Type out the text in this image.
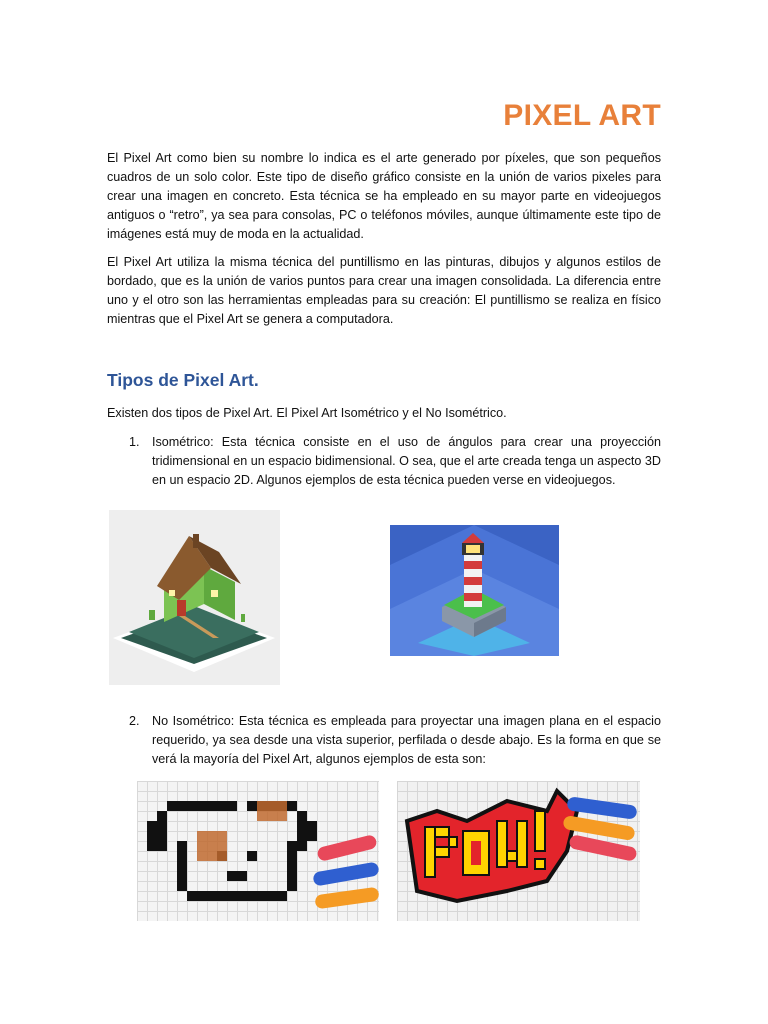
PIXEL ART

El Pixel Art como bien su nombre lo indica es el arte generado por píxeles, que son pequeños cuadros de un solo color. Este tipo de diseño gráfico consiste en la unión de varios pixeles para crear una imagen en concreto. Esta técnica se ha empleado en su mayor parte en videojuegos antiguos o “retro”, ya sea para consolas, PC o teléfonos móviles, aunque últimamente este tipo de imágenes está muy de moda en la actualidad.

El Pixel Art utiliza la misma técnica del puntillismo en las pinturas, dibujos y algunos estilos de bordado, que es la unión de varios puntos para crear una imagen consolidada. La diferencia entre uno y el otro son las herramientas empleadas para su creación: El puntillismo se realiza en físico mientras que el Pixel Art se genera a computadora.

Tipos de Pixel Art.

Existen dos tipos de Pixel Art. El Pixel Art Isométrico y el No Isométrico.

1. Isométrico: Esta técnica consiste en el uso de ángulos para crear una proyección tridimensional en un espacio bidimensional. O sea, que el arte creada tenga un aspecto 3D en un espacio 2D. Algunos ejemplos de esta técnica pueden verse en videojuegos.
2. No Isométrico: Esta técnica es empleada para proyectar una imagen plana en el espacio requerido, ya sea desde una vista superior, perfilada o desde abajo. Es la forma en que se verá la mayoría del Pixel Art, algunos ejemplos de esta son:
